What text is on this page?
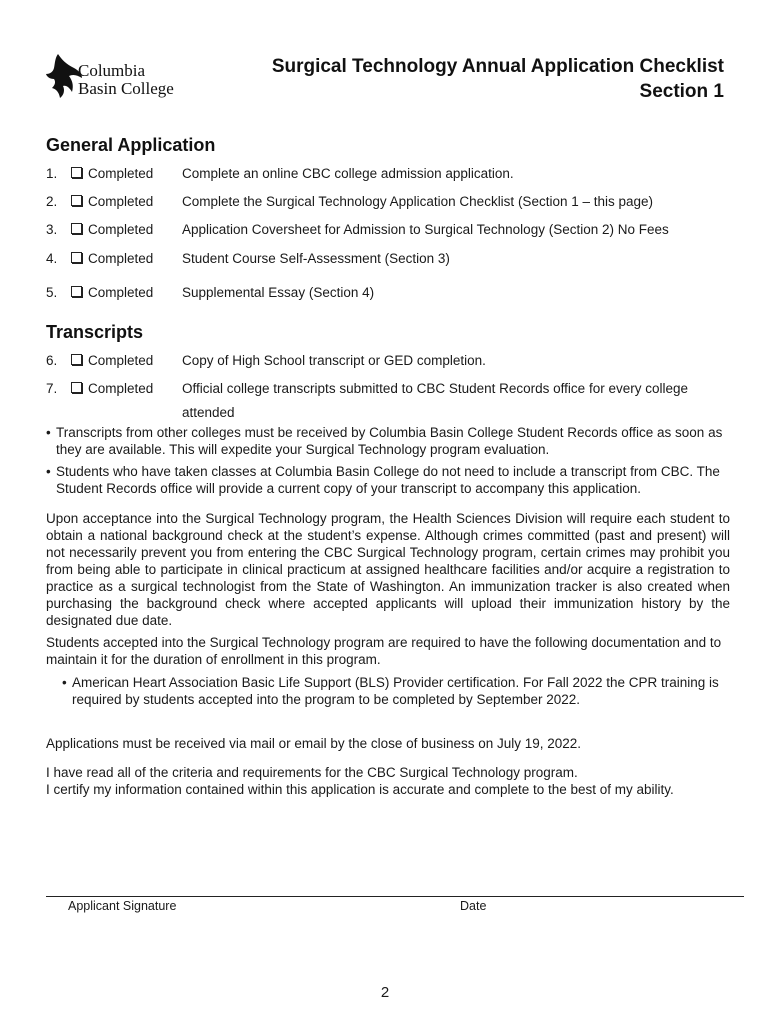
Columbia
Basin College
Surgical Technology Annual Application Checklist
Section 1
General Application
1.	Completed Complete an online CBC college admission application.
2.	Completed Complete the Surgical Technology Application Checklist (Section 1 – this page)
3.	Completed Application Coversheet for Admission to Surgical Technology (Section 2) No Fees
4.	Completed Student Course Self-Assessment (Section 3)
5.	Completed Supplemental Essay (Section 4)
Transcripts
6.	Completed Copy of High School transcript or GED completion.
7.	Completed Official college transcripts submitted to CBC Student Records office for every college attended
• Transcripts from other colleges must be received by Columbia Basin College Student Records office as soon as they are available. This will expedite your Surgical Technology program evaluation.
• Students who have taken classes at Columbia Basin College do not need to include a transcript from CBC. The Student Records office will provide a current copy of your transcript to accompany this application.
Upon acceptance into the Surgical Technology program, the Health Sciences Division will require each student to obtain a national background check at the student’s expense. Although crimes committed (past and present) will not necessarily prevent you from entering the CBC Surgical Technology program, certain crimes may prohibit you from being able to participate in clinical practicum at assigned healthcare facilities and/or acquire a registration to practice as a surgical technologist from the State of Washington. An immunization tracker is also created when purchasing the background check where accepted applicants will upload their immunization history by the designated due date.
Students accepted into the Surgical Technology program are required to have the following documentation and to maintain it for the duration of enrollment in this program.
• American Heart Association Basic Life Support (BLS) Provider certification. For Fall 2022 the CPR training is required by students accepted into the program to be completed by September 2022.
Applications must be received via mail or email by the close of business on July 19, 2022.
I have read all of the criteria and requirements for the CBC Surgical Technology program.
I certify my information contained within this application is accurate and complete to the best of my ability.
Applicant Signature	Date
2
